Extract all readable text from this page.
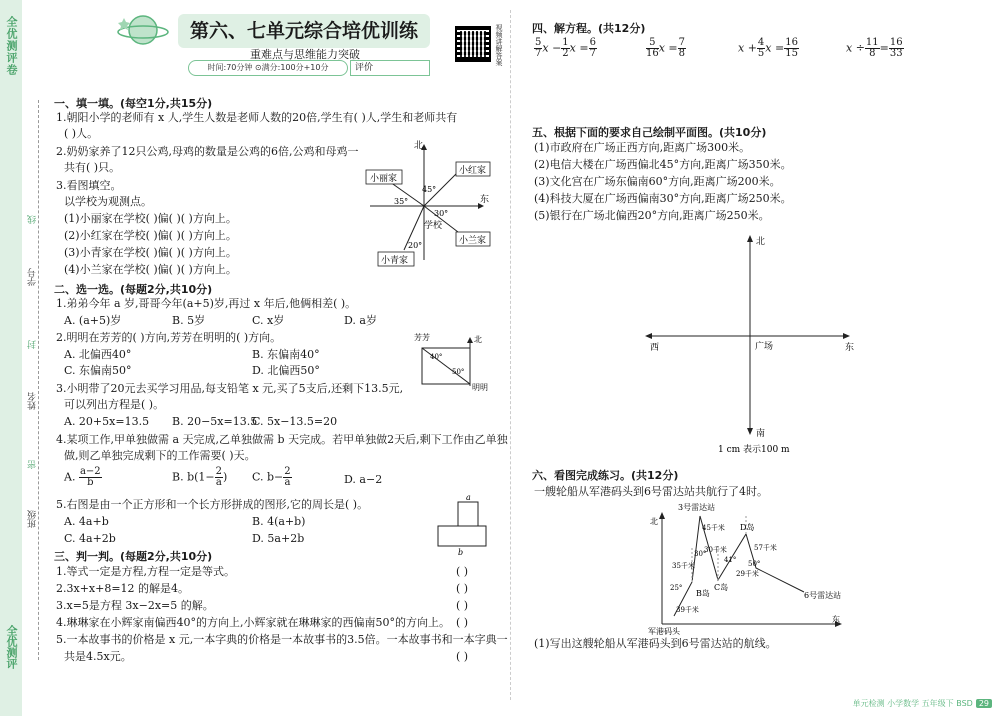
全优测评卷
全优测评
学号
姓名
班级
线
封
密
第六、七单元综合培优训练
重难点与思维能力突破
时间:70分钟 ⊙满分:100分+10分	评价
视频讲解答案
一、填一填。(每空1分,共15分)
1.朝阳小学的老师有 x 人,学生人数是老师人数的20倍,学生有( )人,学生和老师共有
( )人。
2.奶奶家养了12只公鸡,母鸡的数量是公鸡的6倍,公鸡和母鸡一
共有( )只。
3.看图填空。
以学校为观测点。
(1)小丽家在学校( )偏( )( )方向上。
(2)小红家在学校( )偏( )( )方向上。
(3)小青家在学校( )偏( )( )方向上。
(4)小兰家在学校( )偏( )( )方向上。
北
东
小丽家
小红家
小兰家
小青家
学校
45°
35°
30°
20°
二、选一选。(每题2分,共10分)
1.弟弟今年 a 岁,哥哥今年(a+5)岁,再过 x 年后,他俩相差( )。
A. (a+5)岁	B. 5岁	C. x岁	D. a岁
2.明明在芳芳的( )方向,芳芳在明明的( )方向。
A. 北偏西40°	B. 东偏南40°
C. 东偏南50°	D. 北偏西50°
芳芳	北
明明
40°
50°
3.小明带了20元去买学习用品,每支铅笔 x 元,买了5支后,还剩下13.5元,
可以列出方程是( )。
A. 20+5x=13.5 B. 20−5x=13.5
C. 5x−13.5=20
4.某项工作,甲单独做需 a 天完成,乙单独做需 b 天完成。若甲单独做2天后,剩下工作由乙单独
做,则乙单独完成剩下的工作需要( )天。
A. $\frac{a-2}{b}$	B. $b(1- \frac{2}{a}$ ) C. $b- \frac{2}{a}$	D. a−2
5.右图是由一个正方形和一个长方形拼成的图形,它的周长是( )。
A. 4a+b	B. 4(a+b)
C. 4a+2b	D. 5a+2b
a
b
三、判一判。(每题2分,共10分)
1.等式一定是方程,方程一定是等式。
2.3x+x+8=12 的解是4。
3.x=5是方程 3x−2x=5 的解。
4.琳琳家在小辉家南偏西40°的方向上,小辉家就在琳琳家的西偏南50°的方向上。
5.一本故事书的价格是 x 元,一本字典的价格是一本故事书的3.5倍。一本故事书和一本字典一
共是4.5x元。
( )
( )
( )
( )
( )
四、解方程。(共12分)
$\frac{5}{7}$ $x - \frac{1}{2}$ $x = \frac{6}{7}$	$\frac{5}{16}$ $x = \frac{7}{8}$	$x + \frac{4}{5}$ $x = \frac{16}{15}$	$x \div \frac{11}{8} = \frac{16}{33}$
五、根据下面的要求自己绘制平面图。(共10分)
(1)市政府在广场正西方向,距离广场300米。
(2)电信大楼在广场西偏北45°方向,距离广场350米。
(3)文化宫在广场东偏南60°方向,距离广场200米。
(4)科技大厦在广场西偏南30°方向,距离广场250米。
(5)银行在广场北偏西20°方向,距离广场250米。
北
南
西	东
广场
1 cm 表示100 m
六、看图完成练习。(共12分)
一艘轮船从军港码头到6号雷达站共航行了4时。
北
东
军港码头
3号雷达站
6号雷达站
B岛
C岛
D岛
39千米
35千米
45千米
30千米
29千米
57千米
25°
30°
41° 50°
(1)写出这艘轮船从军港码头到6号雷达站的航线。
单元检测 小学数学 五年级下 BSD 29
